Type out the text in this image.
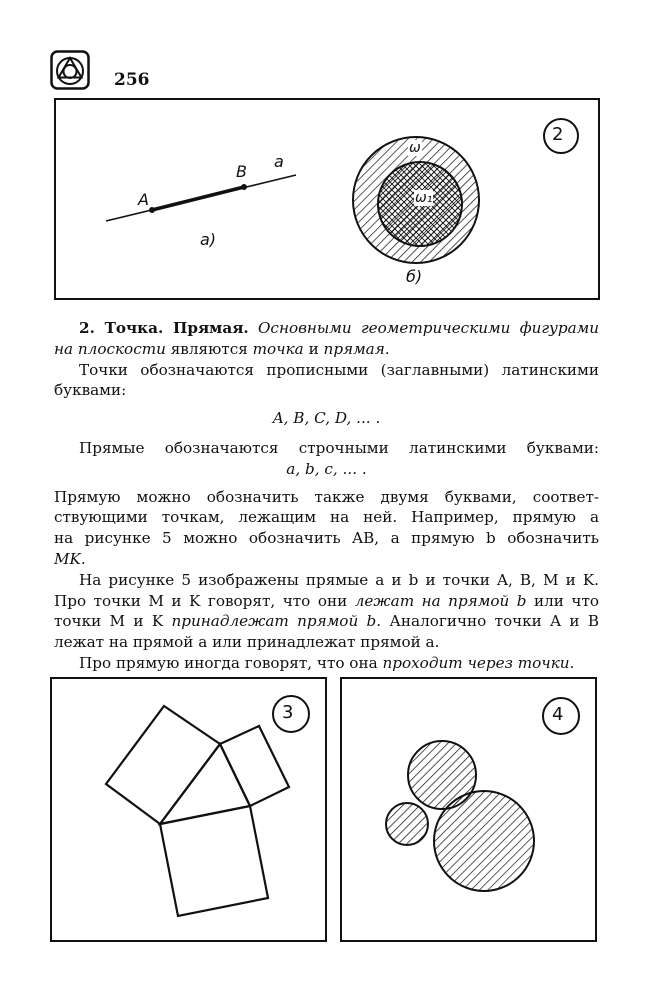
256
A
B
a
а)
ω
ω₁
б)
2
2. Точка. Прямая. Основными геометрическими фигурами
на плоскости являются точка и прямая.
Точки обозначаются прописными (заглавными) латинскими
буквами:
A, B, C, D, ... .
Прямые обозначаются строчными латинскими буквами:
a, b, c, ... .
Прямую можно обозначить также двумя буквами, соответ-
ствующими точкам, лежащим на ней. Например, прямую a
на рисунке 5 можно обозначить AB, а прямую b обозначить
MK.
На рисунке 5 изображены прямые a и b и точки A, B, M и K.
Про точки M и K говорят, что они лежат на прямой b или что
точки M и K принадлежат прямой b. Аналогично точки A и B
лежат на прямой a или принадлежат прямой a.
Про прямую иногда говорят, что она проходит через точки.
3	4
